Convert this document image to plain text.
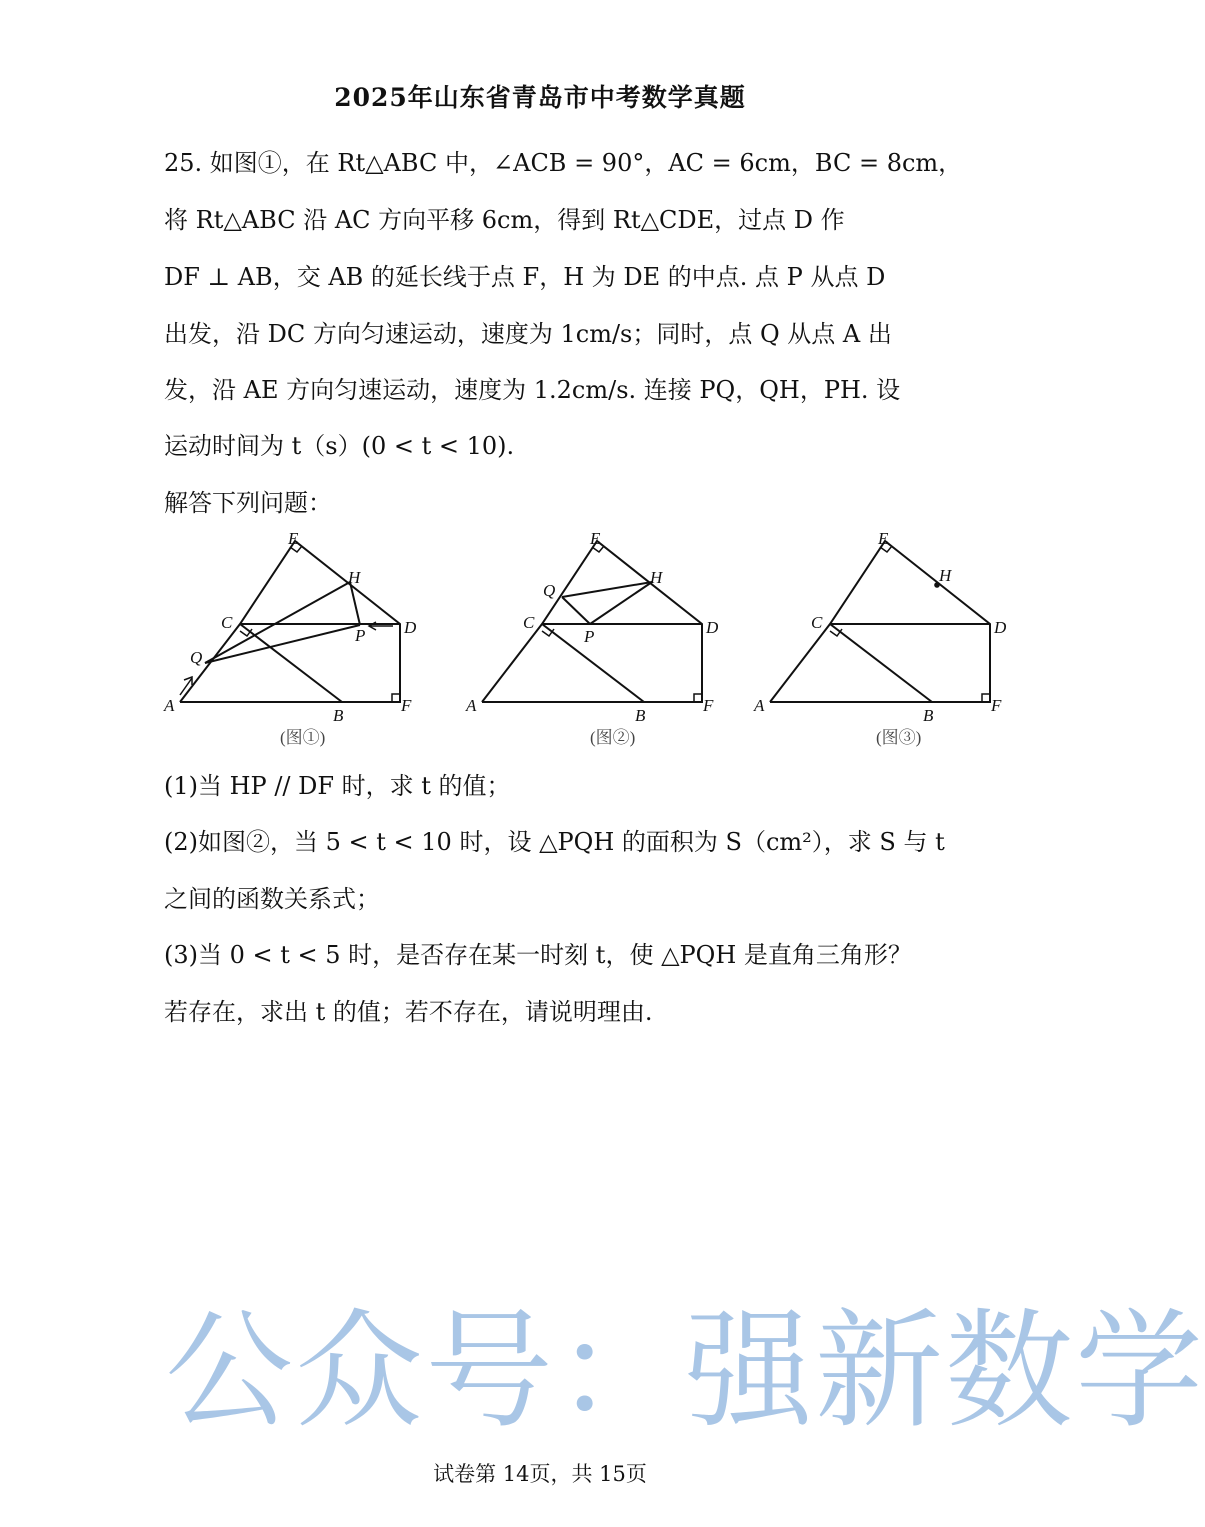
2025年山东省青岛市中考数学真题
25. 如图①，在 Rt△ABC 中，∠ACB = 90°，AC = 6cm，BC = 8cm，
将 Rt△ABC 沿 AC 方向平移 6cm，得到 Rt△CDE，过点 D 作
DF ⊥ AB，交 AB 的延长线于点 F，H 为 DE 的中点. 点 P 从点 D
出发，沿 DC 方向匀速运动，速度为 1cm/s；同时，点 Q 从点 A 出
发，沿 AE 方向匀速运动，速度为 1.2cm/s. 连接 PQ，QH，PH. 设
运动时间为 t（s）(0 < t < 10).
解答下列问题：
A
B
C	D
E
F
H
P
Q
(图①)
A
B
C	D
E
F
H
P
Q
(图②)
A
B
C	D
E
F
H
(图③)
(1)当 HP // DF 时，求 t 的值；
(2)如图②，当 5 < t < 10 时，设 △PQH 的面积为 S（cm²），求 S 与 t
之间的函数关系式；
(3)当 0 < t < 5 时，是否存在某一时刻 t，使 △PQH 是直角三角形？
若存在，求出 t 的值；若不存在，请说明理由.
公众号：强新数学
试卷第 14页，共 15页
